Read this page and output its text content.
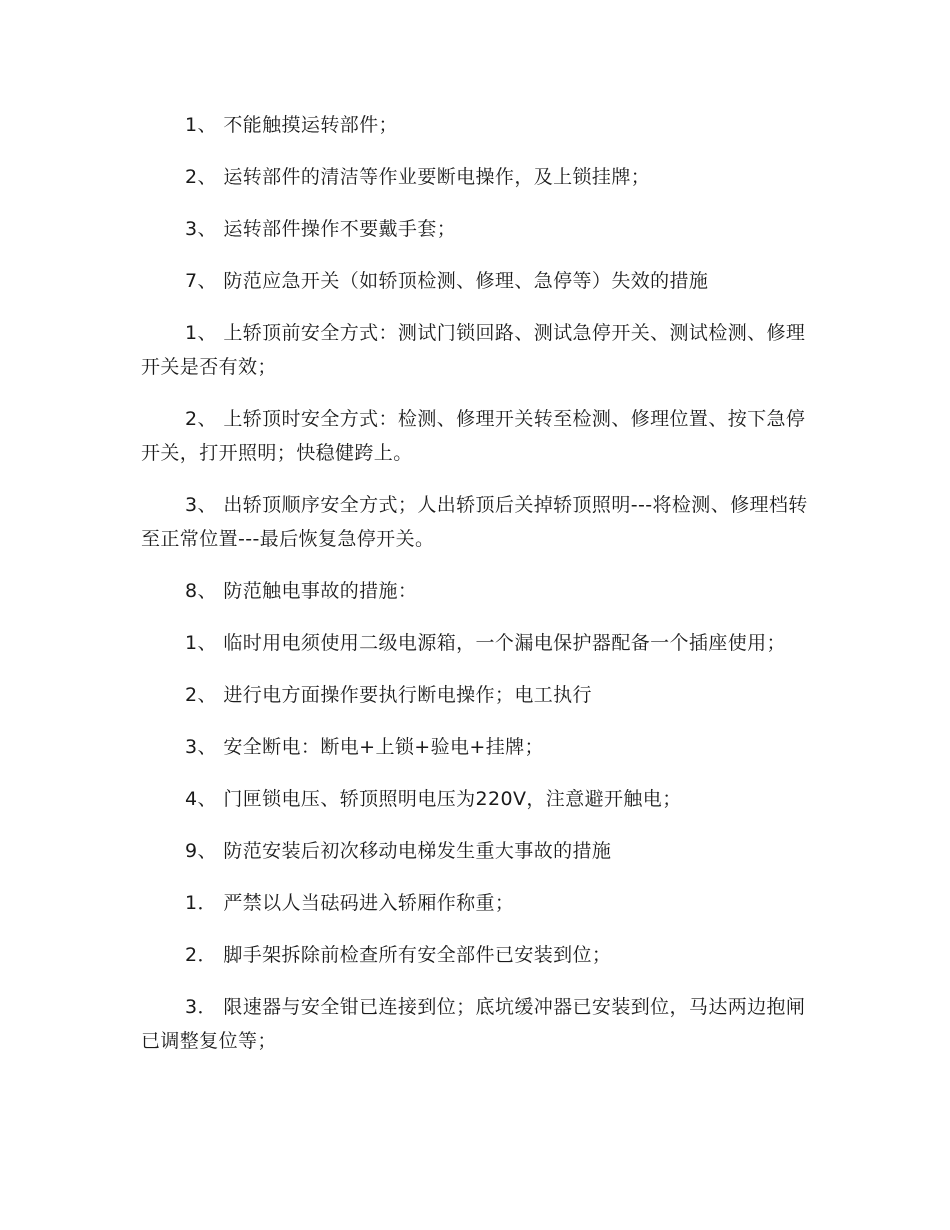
1、 不能触摸运转部件；

2、 运转部件的清洁等作业要断电操作，及上锁挂牌；

3、 运转部件操作不要戴手套；

7、 防范应急开关（如轿顶检测、修理、急停等）失效的措施

1、 上轿顶前安全方式：测试门锁回路、测试急停开关、测试检测、修理开关是否有效；

2、 上轿顶时安全方式：检测、修理开关转至检测、修理位置、按下急停开关，打开照明；快稳健跨上。

3、 出轿顶顺序安全方式；人出轿顶后关掉轿顶照明---将检测、修理档转至正常位置---最后恢复急停开关。

8、 防范触电事故的措施：

1、 临时用电须使用二级电源箱，一个漏电保护器配备一个插座使用；

2、 进行电方面操作要执行断电操作；电工执行

3、 安全断电：断电+上锁+验电+挂牌；

4、 门匣锁电压、轿顶照明电压为220V，注意避开触电；

9、 防范安装后初次移动电梯发生重大事故的措施

1． 严禁以人当砝码进入轿厢作称重；

2． 脚手架拆除前检查所有安全部件已安装到位；

3． 限速器与安全钳已连接到位；底坑缓冲器已安装到位，马达两边抱闸已调整复位等；
